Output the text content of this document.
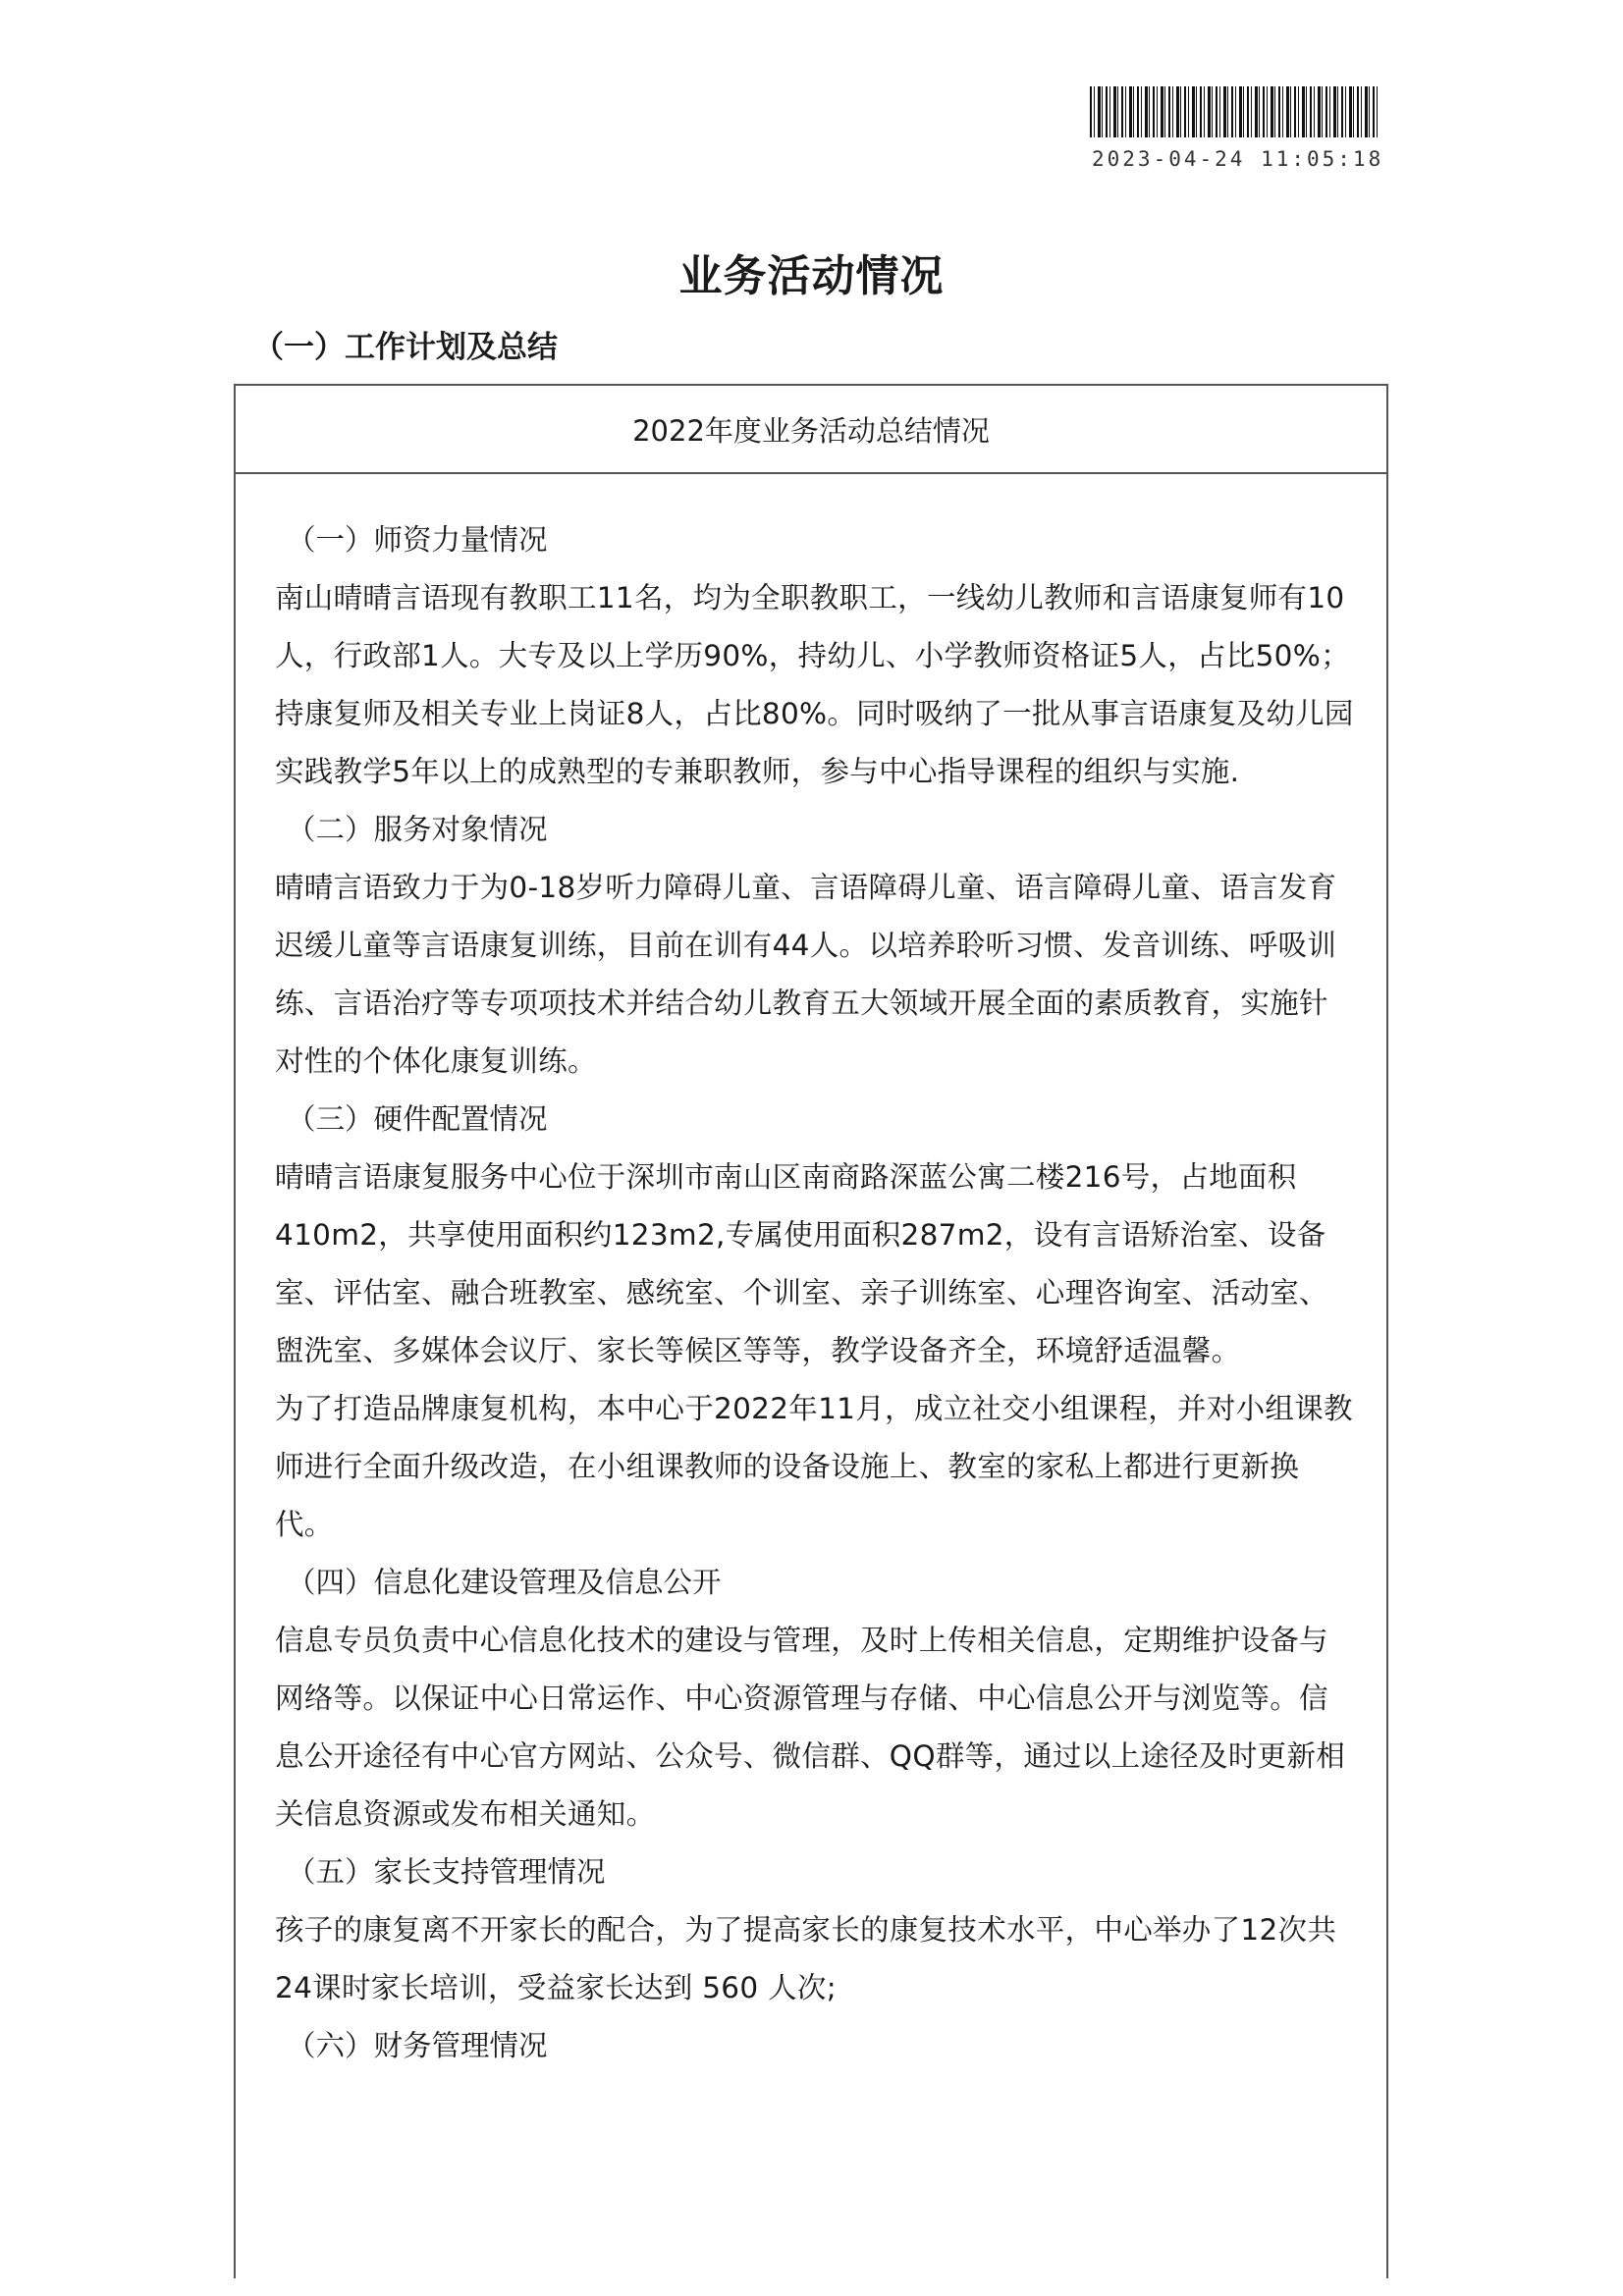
2023-04-24 11:05:18
业务活动情况
（一）工作计划及总结
2022年度业务活动总结情况

（一）师资力量情况

南山晴晴言语现有教职工11名，均为全职教职工，一线幼儿教师和言语康复师有10人，行政部1人。大专及以上学历90%，持幼儿、小学教师资格证5人，占比50%；持康复师及相关专业上岗证8人，占比80%。同时吸纳了一批从事言语康复及幼儿园实践教学5年以上的成熟型的专兼职教师，参与中心指导课程的组织与实施.

（二）服务对象情况

晴晴言语致力于为0-18岁听力障碍儿童、言语障碍儿童、语言障碍儿童、语言发育迟缓儿童等言语康复训练，目前在训有44人。以培养聆听习惯、发音训练、呼吸训练、言语治疗等专项项技术并结合幼儿教育五大领域开展全面的素质教育，实施针对性的个体化康复训练。

（三）硬件配置情况

晴晴言语康复服务中心位于深圳市南山区南商路深蓝公寓二楼216号，占地面积410m2，共享使用面积约123m2,专属使用面积287m2，设有言语矫治室、设备室、评估室、融合班教室、感统室、个训室、亲子训练室、心理咨询室、活动室、盥洗室、多媒体会议厅、家长等候区等等，教学设备齐全，环境舒适温馨。

为了打造品牌康复机构，本中心于2022年11月，成立社交小组课程，并对小组课教师进行全面升级改造，在小组课教师的设备设施上、教室的家私上都进行更新换代。

（四）信息化建设管理及信息公开

信息专员负责中心信息化技术的建设与管理，及时上传相关信息，定期维护设备与网络等。以保证中心日常运作、中心资源管理与存储、中心信息公开与浏览等。信息公开途径有中心官方网站、公众号、微信群、QQ群等，通过以上途径及时更新相关信息资源或发布相关通知。

（五）家长支持管理情况

孩子的康复离不开家长的配合，为了提高家长的康复技术水平，中心举办了12次共24课时家长培训，受益家长达到 560 人次;

（六）财务管理情况
